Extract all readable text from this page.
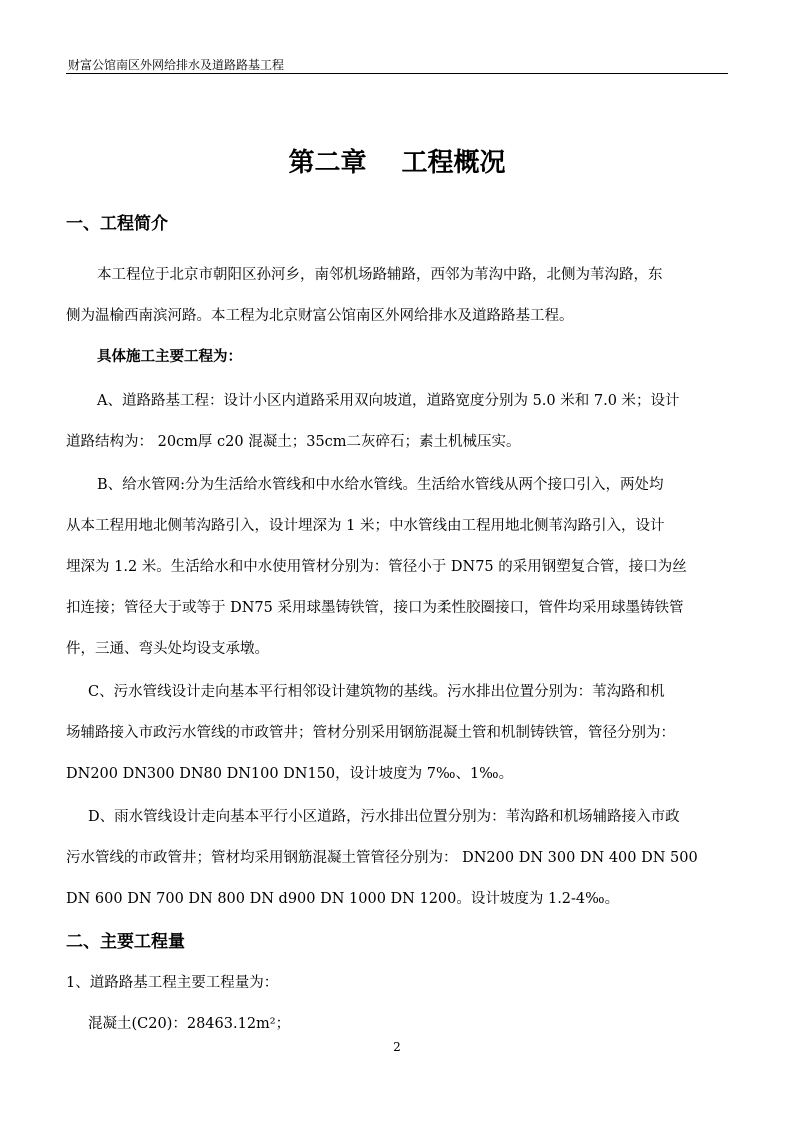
财富公馆南区外网给排水及道路路基工程
第二章　 工程概况
一、工程简介
本工程位于北京市朝阳区孙河乡，南邻机场路辅路，西邻为苇沟中路，北侧为苇沟路，东
侧为温榆西南滨河路。本工程为北京财富公馆南区外网给排水及道路路基工程。
具体施工主要工程为：
A、道路路基工程：设计小区内道路采用双向坡道，道路宽度分别为 5.0 米和 7.0 米；设计
道路结构为： 20cm厚 c20 混凝土；35cm二灰碎石；素土机械压实。
B、给水管网:分为生活给水管线和中水给水管线。生活给水管线从两个接口引入，两处均
从本工程用地北侧苇沟路引入，设计埋深为 1 米；中水管线由工程用地北侧苇沟路引入，设计
埋深为 1.2 米。生活给水和中水使用管材分别为：管径小于 DN75 的采用钢塑复合管，接口为丝
扣连接；管径大于或等于 DN75 采用球墨铸铁管，接口为柔性胶圈接口，管件均采用球墨铸铁管
件，三通、弯头处均设支承墩。
C、污水管线设计走向基本平行相邻设计建筑物的基线。污水排出位置分别为：苇沟路和机
场辅路接入市政污水管线的市政管井；管材分别采用钢筋混凝土管和机制铸铁管，管径分别为：
DN200 DN300 DN80 DN100 DN150，设计坡度为 7‰、1‰。
D、雨水管线设计走向基本平行小区道路，污水排出位置分别为：苇沟路和机场辅路接入市政
污水管线的市政管井；管材均采用钢筋混凝土管管径分别为： DN200 DN 300 DN 400 DN 500
DN 600 DN 700 DN 800 DN d900 DN 1000 DN 1200。设计坡度为 1.2-4‰。
二、主要工程量
1、道路路基工程主要工程量为：
混凝土(C20)：28463.12m²；
2
